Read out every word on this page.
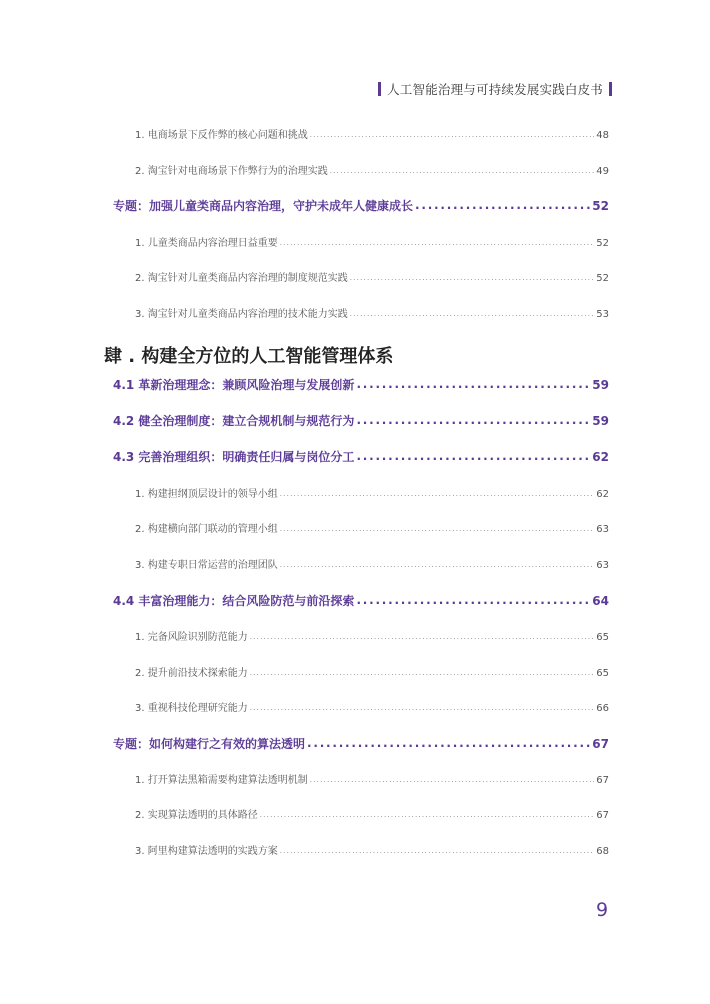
人工智能治理与可持续发展实践白皮书
1. 电商场景下反作弊的核心问题和挑战 . . .	48
2. 淘宝针对电商场景下作弊行为的治理实践 . . .	49
专题：加强儿童类商品内容治理，守护未成年人健康成长 . . .	52
1. 儿童类商品内容治理日益重要 . . .	52
2. 淘宝针对儿童类商品内容治理的制度规范实践 . . .	52
3. 淘宝针对儿童类商品内容治理的技术能力实践 . . .	53
肆 . 构建全方位的人工智能管理体系
4.1 革新治理理念：兼顾风险治理与发展创新 . . .	59
4.2 健全治理制度：建立合规机制与规范行为 . . .	59
4.3 完善治理组织：明确责任归属与岗位分工 . . .	62
1. 构建担纲顶层设计的领导小组 . . .	62
2. 构建横向部门联动的管理小组 . . .	63
3. 构建专职日常运营的治理团队 . . .	63
4.4 丰富治理能力：结合风险防范与前沿探索 . . .	64
1. 完备风险识别防范能力 . . .	65
2. 提升前沿技术探索能力 . . .	65
3. 重视科技伦理研究能力 . . .	66
专题：如何构建行之有效的算法透明 . . .	67
1. 打开算法黑箱需要构建算法透明机制 . . .	67
2. 实现算法透明的具体路径 . . .	67
3. 阿里构建算法透明的实践方案 . . .	68
9
